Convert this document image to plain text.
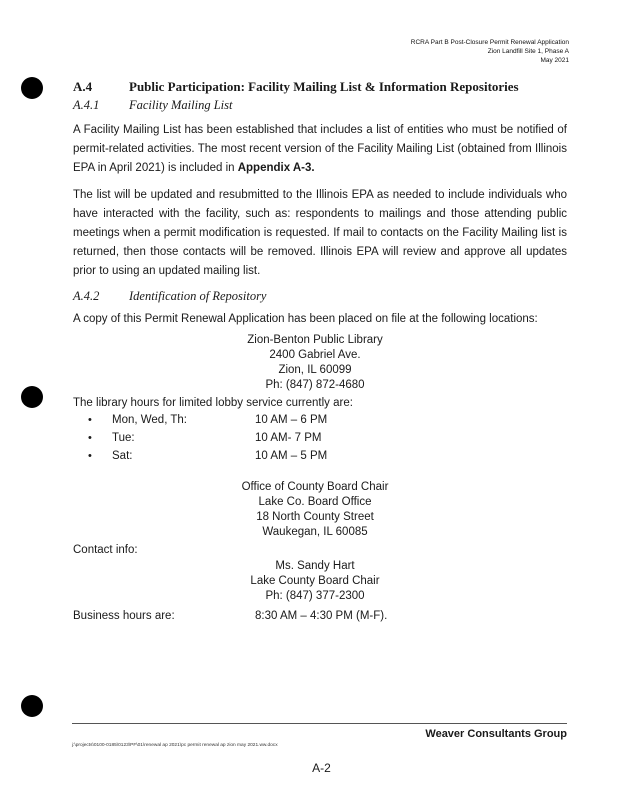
RCRA Part B Post-Closure Permit Renewal Application
Zion Landfill Site 1, Phase A
May 2021
A.4	Public Participation: Facility Mailing List & Information Repositories
A.4.1 Facility Mailing List
A Facility Mailing List has been established that includes a list of entities who must be notified of permit-related activities. The most recent version of the Facility Mailing List (obtained from Illinois EPA in April 2021) is included in Appendix A-3.
The list will be updated and resubmitted to the Illinois EPA as needed to include individuals who have interacted with the facility, such as: respondents to mailings and those attending public meetings when a permit modification is requested. If mail to contacts on the Facility Mailing list is returned, then those contacts will be removed. Illinois EPA will review and approve all updates prior to using an updated mailing list.
A.4.2 Identification of Repository
A copy of this Permit Renewal Application has been placed on file at the following locations:
Zion-Benton Public Library
2400 Gabriel Ave.
Zion, IL 60099
Ph: (847) 872-4680
The library hours for limited lobby service currently are:
• Mon, Wed, Th:	10 AM – 6 PM
• Tue:	10 AM- 7 PM
• Sat:	10 AM – 5 PM
Office of County Board Chair
Lake Co. Board Office
18 North County Street
Waukegan, IL 60085
Contact info:
Ms. Sandy Hart
Lake County Board Chair
Ph: (847) 377-2300
Business hours are:	8:30 AM – 4:30 PM (M-F).
Weaver Consultants Group
j:\projects\0100-0185\0123\PF\01\renewal ap 2021\pc permit renewal ap zion may 2021.ww.docx
A-2
